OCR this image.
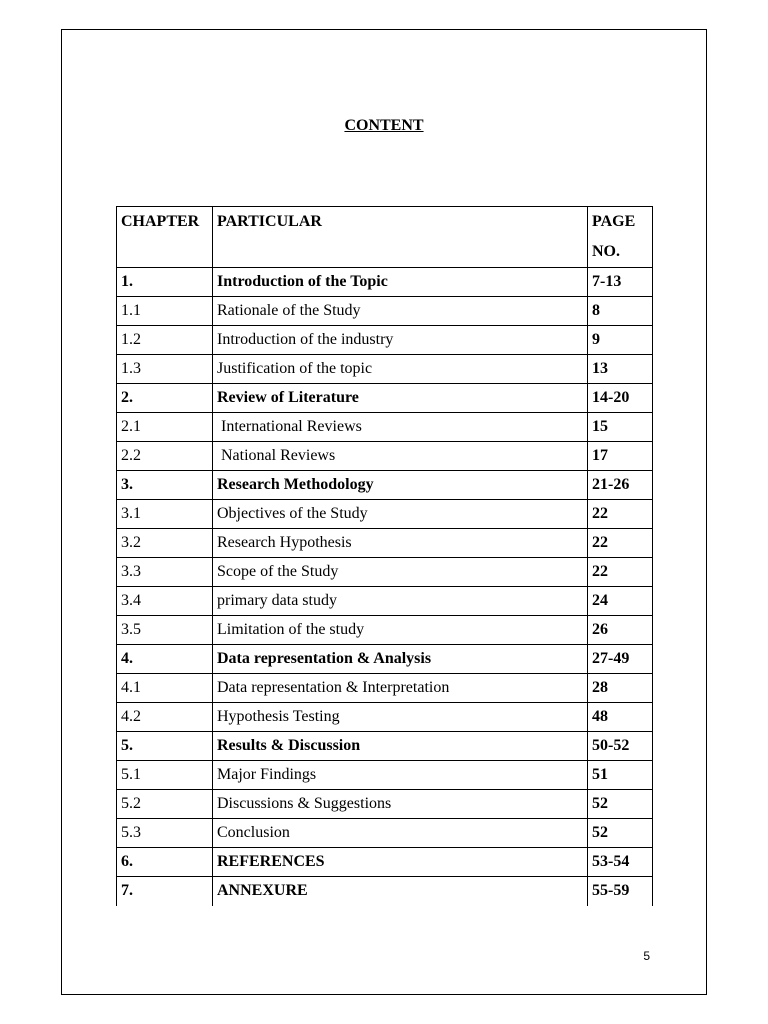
CONTENT
CHAPTER	PARTICULAR	PAGE
NO.
1.	Introduction of the Topic	7-13
1.1	Rationale of the Study	8
1.2	Introduction of the industry	9
1.3	Justification of the topic	13
2.	Review of Literature	14-20
2.1	International Reviews	15
2.2	National Reviews	17
3.	Research Methodology	21-26
3.1	Objectives of the Study	22
3.2	Research Hypothesis	22
3.3	Scope of the Study	22
3.4	primary data study	24
3.5	Limitation of the study	26
4.	Data representation & Analysis	27-49
4.1	Data representation & Interpretation	28
4.2	Hypothesis Testing	48
5.	Results & Discussion	50-52
5.1	Major Findings	51
5.2	Discussions & Suggestions	52
5.3	Conclusion	52
6.	REFERENCES	53-54
7.	ANNEXURE	55-59
5
